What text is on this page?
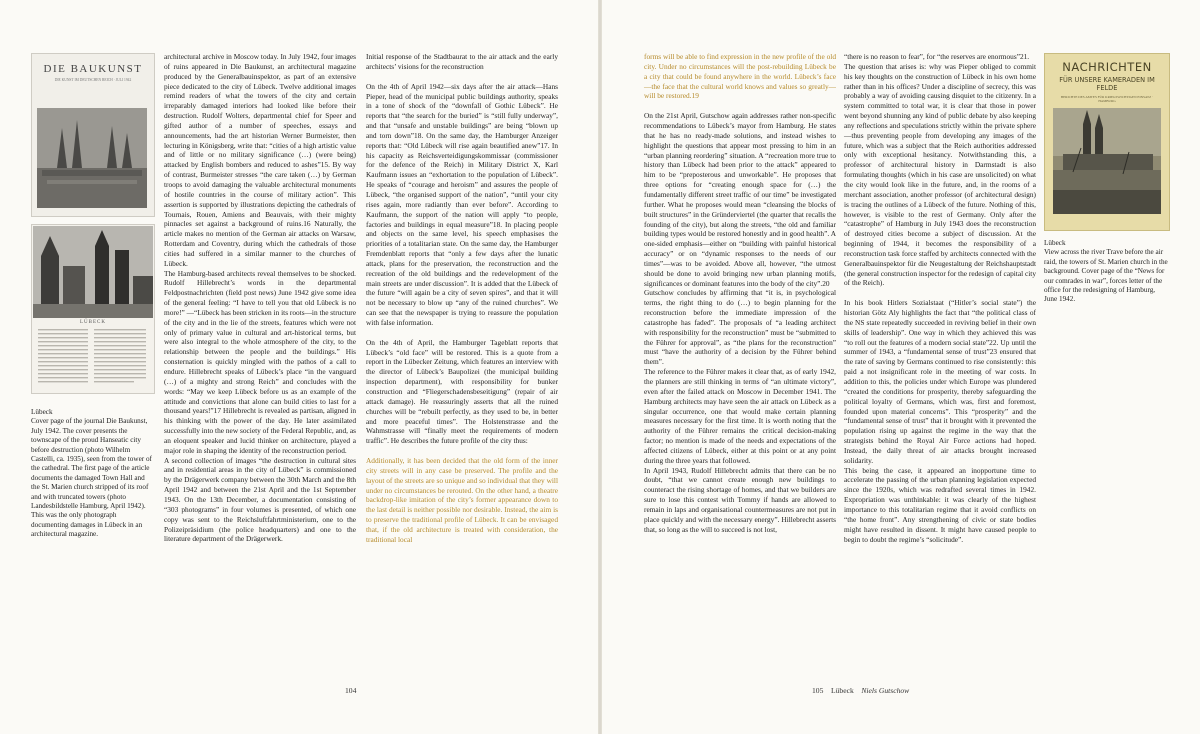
DIE BAUKUNST
DIE KUNST IM DEUTSCHEN REICH · JULI 1942
LÜBECK
Lübeck
Cover page of the journal Die Baukunst, July 1942. The cover presents the townscape of the proud Hanseatic city before destruction (photo Wilhelm Castelli, ca. 1935), seen from the tower of the cathedral. The first page of the article documents the damaged Town Hall and the St. Marien church stripped of its roof and with truncated towers (photo Landesbildstelle Hamburg, April 1942). This was the only photograph documenting damages in Lübeck in an architectural magazine.

architectural archive in Moscow today. In July 1942, four images of ruins appeared in Die Baukunst, an architectural magazine produced by the Generalbauinspektor, as part of an extensive piece dedicated to the city of Lübeck. Twelve additional images remind readers of what the towers of the city and certain irreparably damaged interiors had looked like before their destruction. Rudolf Wolters, departmental chief for Speer and gifted author of a number of speeches, essays and announcements, had the art historian Werner Burmeister, then lecturing in Königsberg, write that: “cities of a high artistic value and of little or no military significance (…) (were being) attacked by English bombers and reduced to ashes”15. By way of contrast, Burmeister stresses “the care taken (…) by German troops to avoid damaging the valuable architectural monuments of hostile countries in the course of military action”. This assertion is supported by illustrations depicting the cathedrals of Tournais, Rouen, Amiens and Beauvais, with their mighty pinnacles set against a background of ruins.16 Naturally, the article makes no mention of the German air attacks on Warsaw, Rotterdam and Coventry, during which the cathedrals of those cities had suffered in a similar manner to the churches of Lübeck.

The Hamburg-based architects reveal themselves to be shocked. Rudolf Hillebrecht’s words in the departmental Feldpostnachrichten (field post news) June 1942 give some idea of the general feeling: “I have to tell you that old Lübeck is no more!” —“Lübeck has been stricken in its roots—in the structure of the city and in the lie of the streets, features which were not only of primary value in cultural and art-historical terms, but were also integral to the whole atmosphere of the city, to the relationship between the people and the buildings.” His consternation is quickly mingled with the pathos of a call to endure. Hillebrecht speaks of Lübeck’s place “in the vanguard (…) of a mighty and strong Reich” and concludes with the words: “May we keep Lübeck before us as an example of the attitude and convictions that alone can build cities to last for a thousand years!”17 Hillebrecht is revealed as partisan, aligned in his thinking with the power of the day. He later assimilated successfully into the new society of the Federal Republic, and, as an eloquent speaker and lucid thinker on architecture, played a major role in shaping the identity of the reconstruction period.

A second collection of images “the destruction in cultural sites and in residential areas in the city of Lübeck” is commissioned by the Drägerwerk company between the 30th March and the 8th April 1942 and between the 21st April and the 1st September 1943. On the 13th December, a documentation consisting of “303 photograms” in four volumes is presented, of which one copy was sent to the Reichsluftfahrtministerium, one to the Polizeipräsidium (the police headquarters) and one to the literature department of the Drägerwerk.

Initial response of the Stadtbaurat to the air attack and the early architects’ visions for the reconstruction

On the 4th of April 1942—six days after the air attack—Hans Pieper, head of the municipal public buildings authority, speaks in a tone of shock of the “downfall of Gothic Lübeck”. He reports that “the search for the buried” is “still fully underway”, and that “unsafe and unstable buildings” are being “blown up and torn down”18. On the same day, the Hamburger Anzeiger reports that: “Old Lübeck will rise again beautified anew”17. In his capacity as Reichsverteidigungskommissar (commissioner for the defence of the Reich) in Military District X, Karl Kaufmann issues an “exhortation to the population of Lübeck”. He speaks of “courage and heroism” and assures the people of Lübeck, “the organised support of the nation”, “until your city rises again, more radiantly than ever before”. According to Kaufmann, the support of the nation will apply “to people, factories and buildings in equal measure”18. In placing people and objects on the same level, his speech emphasises the priorities of a totalitarian state. On the same day, the Hamburger Fremdenblatt reports that “only a few days after the lunatic attack, plans for the preservation, the reconstruction and the recreation of the old buildings and the redevelopment of the main streets are under discussion”. It is added that the Lübeck of the future “will again be a city of seven spires”, and that it will not be necessary to blow up “any of the ruined churches”. We can see that the newspaper is trying to reassure the population with false information.

On the 4th of April, the Hamburger Tageblatt reports that Lübeck’s “old face” will be restored. This is a quote from a report in the Lübecker Zeitung, which features an interview with the director of Lübeck’s Baupolizei (the municipal building inspection department), with responsibility for bunker construction and “Fliegerschadensbeseitigung” (repair of air attack damage). He reassuringly asserts that all the ruined churches will be “rebuilt perfectly, as they used to be, in better and more peaceful times”. The Holstenstrasse and the Wahmstrasse will “finally meet the requirements of modern traffic”. He describes the future profile of the city thus:

Additionally, it has been decided that the old form of the inner city streets will in any case be preserved. The profile and the layout of the streets are so unique and so individual that they will under no circumstances be rerouted. On the other hand, a theatre backdrop-like imitation of the city’s former appearance down to the last detail is neither possible nor desirable. Instead, the aim is to preserve the traditional profile of Lübeck. It can be envisaged that, if the old architecture is treated with consideration, the traditional local

104

forms will be able to find expression in the new profile of the old city. Under no circumstances will the post-rebuilding Lübeck be a city that could be found anywhere in the world. Lübeck’s face—the face that the cultural world knows and values so greatly—will be restored.19

On the 21st April, Gutschow again addresses rather non-specific recommendations to Lübeck’s mayor from Hamburg. He states that he has no ready-made solutions, and instead wishes to highlight the questions that appear most pressing to him in an “urban planning reordering” situation. A “recreation more true to history than Lübeck had been prior to the attack” appeared to him to be “preposterous and unworkable”. He proposes that three options for “creating enough space for (…) the fundamentally different street traffic of our time” be investigated further. What he proposes would mean “cleansing the blocks of built structures” in the Gründerviertel (the quarter that recalls the founding of the city), but along the streets, “the old and familiar building types would be restored honestly and in good health”. A one-sided emphasis—either on “building with painful historical accuracy” or on “dynamic responses to the needs of our times”—was to be avoided. Above all, however, “the utmost should be done to avoid bringing new urban planning motifs, significances or dominant features into the body of the city”.20

Gutschow concludes by affirming that “it is, in psychological terms, the right thing to do (…) to begin planning for the reconstruction before the immediate impression of the catastrophe has faded”. The proposals of “a leading architect with responsibility for the reconstruction” must be “submitted to the Führer for approval”, as “the plans for the reconstruction” must “have the authority of a decision by the Führer behind them”.

The reference to the Führer makes it clear that, as of early 1942, the planners are still thinking in terms of “an ultimate victory”, even after the failed attack on Moscow in December 1941. The Hamburg architects may have seen the air attack on Lübeck as a singular occurrence, one that would make certain planning measures necessary for the first time. It is worth noting that the authority of the Führer remains the critical decision-making factor; no mention is made of the needs and expectations of the affected citizens of Lübeck, either at this point or at any point during the three years that followed.

In April 1943, Rudolf Hillebrecht admits that there can be no doubt, “that we cannot create enough new buildings to counteract the rising shortage of homes, and that we builders are sure to lose this contest with Tommy if hands are allowed to remain in laps and organisational countermeasures are not put in place quickly and with the necessary energy”. Hillebrecht asserts that, so long as the will to succeed is not lost,

“there is no reason to fear”, for “the reserves are enormous”21.

The question that arises is: why was Pieper obliged to commit his key thoughts on the construction of Lübeck in his own home rather than in his offices? Under a discipline of secrecy, this was probably a way of avoiding causing disquiet to the citizenry. In a system committed to total war, it is clear that those in power went beyond shunning any kind of public debate by also keeping any reflections and speculations strictly within the private sphere—thus preventing people from developing any images of the future, which was a subject that the Reich authorities addressed only with exceptional hesitancy. Notwithstanding this, a professor of architectural history in Darmstadt is also formulating thoughts (which in his case are unsolicited) on what the city would look like in the future, and, in the rooms of a merchant association, another professor (of architectural design) is tracing the outlines of a Lübeck of the future. Nothing of this, however, is visible to the rest of Germany. Only after the “catastrophe” of Hamburg in July 1943 does the reconstruction of destroyed cities become a subject of discussion. At the beginning of 1944, it becomes the responsibility of a reconstruction task force staffed by architects connected with the Generalbauinspektor für die Neugestaltung der Reichshauptstadt (the general construction inspector for the redesign of capital city of the Reich).

In his book Hitlers Sozialstaat (“Hitler’s social state”) the historian Götz Aly highlights the fact that “the political class of the NS state repeatedly succeeded in reviving belief in their own skills of leadership”. One way in which they achieved this was “to roll out the features of a modern social state”22. Up until the summer of 1943, a “fundamental sense of trust”23 ensured that the rate of saving by Germans continued to rise consistently: this paid a not insignificant role in the meeting of war costs. In addition to this, the policies under which Europe was plundered “created the conditions for prosperity, thereby safeguarding the political loyalty of Germans, which was, first and foremost, founded upon material concerns”. This “prosperity” and the “fundamental sense of trust” that it brought with it prevented the population rising up against the regime in the way that the strategists behind the Royal Air Force actions had hoped. Instead, the daily threat of air attacks brought increased solidarity.

This being the case, it appeared an inopportune time to accelerate the passing of the urban planning legislation expected since the 1920s, which was redrafted several times in 1942. Expropriation was unthinkable: it was clearly of the highest importance to this totalitarian regime that it avoid conflicts on “the home front”. Any strengthening of civic or state bodies might have resulted in dissent. It might have caused people to begin to doubt the regime’s “solicitude”.

NACHRICHTEN
FÜR UNSERE KAMERADEN IM FELDE
BERICHTE DES AMTES FÜR KRIEGSWICHTIGEN EINSATZ · HAMBURG
Lübeck
View across the river Trave before the air raid, the towers of St. Marien church in the background. Cover page of the “News for our comrades in war”, forces letter of the office for the redesigning of Hamburg, June 1942.
105 Lübeck Niels Gutschow
